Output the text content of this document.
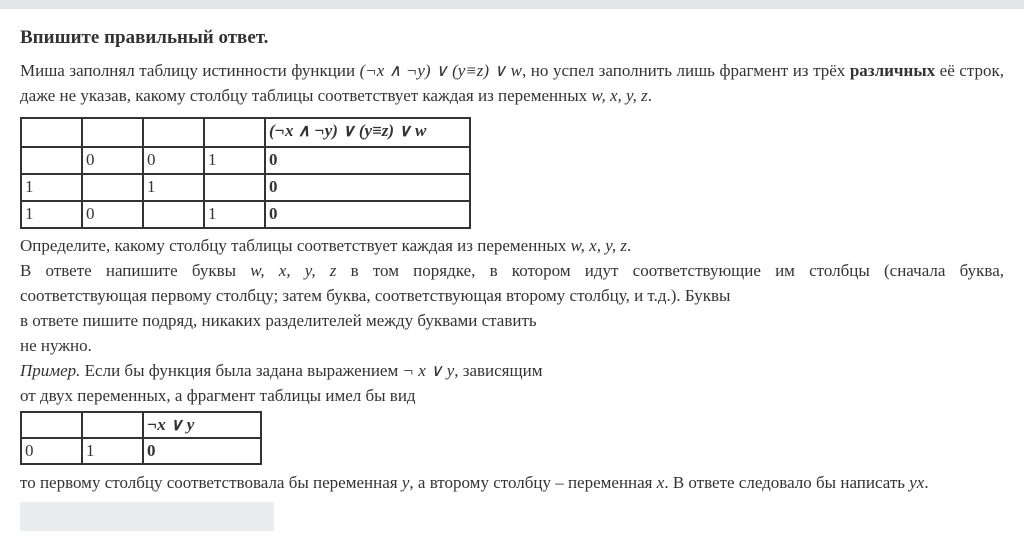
Впишите правильный ответ.

Миша заполнял таблицу истинности функции (¬x ∧ ¬y) ∨ (y≡z) ∨ w, но успел заполнить лишь фрагмент из трёх различных её строк, даже не указав, какому столбцу таблицы соответствует каждая из переменных w, x, y, z.

				(¬x ∧ ¬y) ∨ (y≡z) ∨ w
	0	0	1	0
1		1		0
1	0		1	0

Определите, какому столбцу таблицы соответствует каждая из переменных w, x, y, z.

В ответе напишите буквы w, x, y, z в том порядке, в котором идут соответствующие им столбцы (сначала буква,
соответствующая первому столбцу; затем буква, соответствующая второму столбцу, и т.д.). Буквы
в ответе пишите подряд, никаких разделителей между буквами ставить
не нужно.
Пример. Если бы функция была задана выражением ¬ x ∨ y, зависящим
от двух переменных, а фрагмент таблицы имел бы вид
		¬x ∨ y
0	1	0

то первому столбцу соответствовала бы переменная y, а второму столбцу – переменная x. В ответе следовало бы написать yx.
